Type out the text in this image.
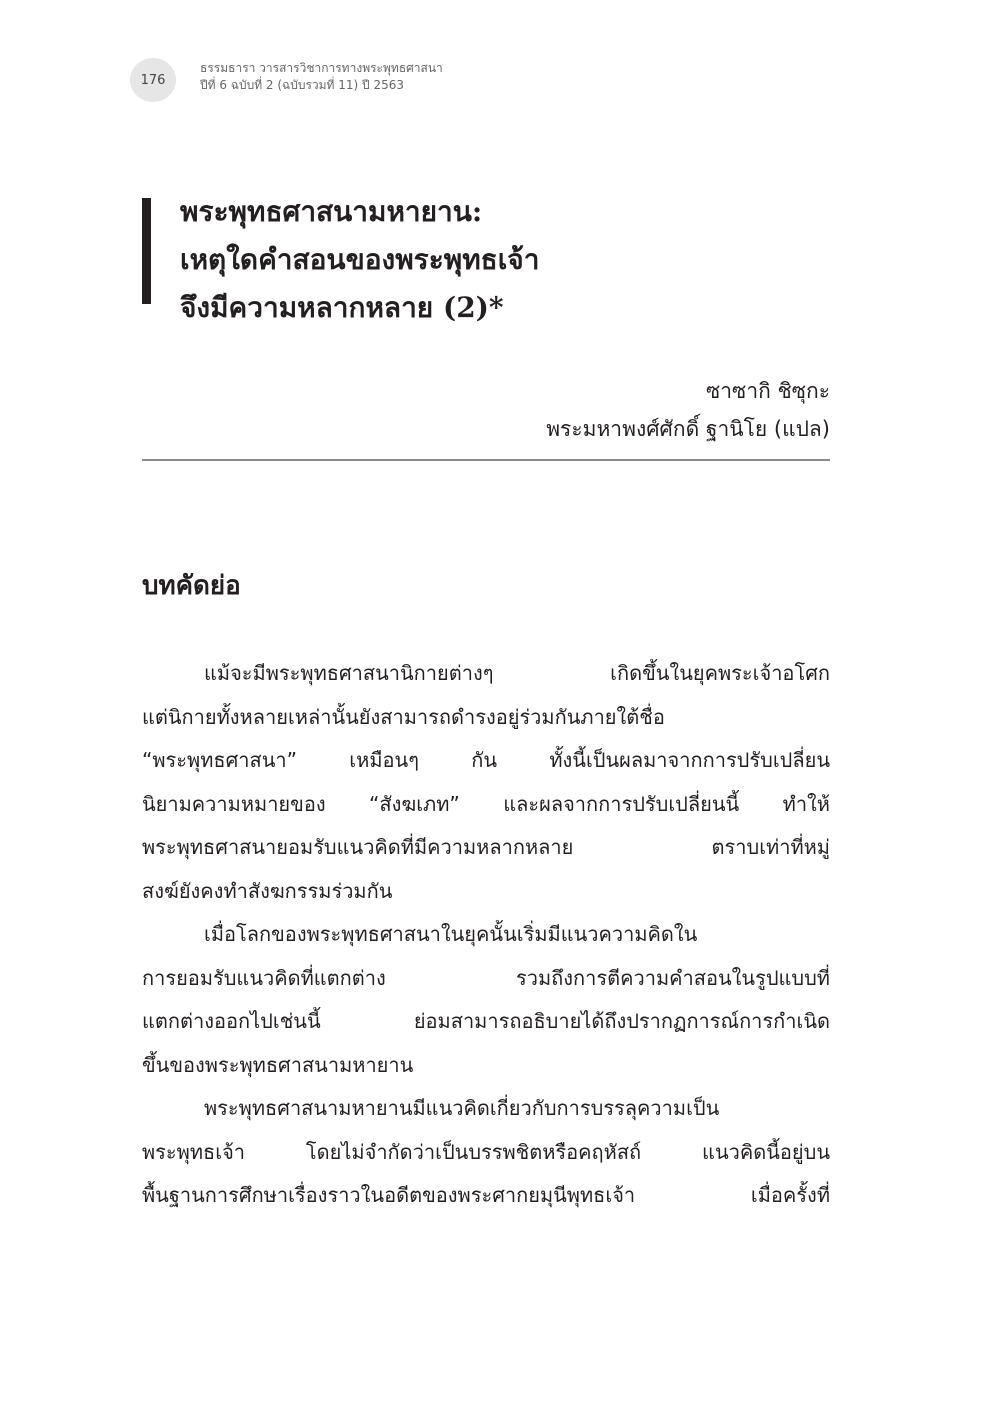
176
ธรรมธารา วารสารวิชาการทางพระพุทธศาสนา
ปีที่ 6 ฉบับที่ 2 (ฉบับรวมที่ 11) ปี 2563
พระพุทธศาสนามหายาน:
เหตุใดคำสอนของพระพุทธเจ้า
จึงมีความหลากหลาย (2)*
ซาซากิ ชิซุกะ
พระมหาพงศ์ศักดิ์ ฐานิโย (แปล)
บทคัดย่อ
แม้จะมีพระพุทธศาสนานิกายต่างๆ เกิดขึ้นในยุคพระเจ้าอโศก
แต่นิกายทั้งหลายเหล่านั้นยังสามารถดำรงอยู่ร่วมกันภายใต้ชื่อ
“พระพุทธศาสนา” เหมือนๆ กัน ทั้งนี้เป็นผลมาจากการปรับเปลี่ยน
นิยามความหมายของ “สังฆเภท” และผลจากการปรับเปลี่ยนนี้ ทำให้
พระพุทธศาสนายอมรับแนวคิดที่มีความหลากหลาย ตราบเท่าที่หมู่
สงฆ์ยังคงทำสังฆกรรมร่วมกัน
เมื่อโลกของพระพุทธศาสนาในยุคนั้นเริ่มมีแนวความคิดใน
การยอมรับแนวคิดที่แตกต่าง รวมถึงการตีความคำสอนในรูปแบบที่
แตกต่างออกไปเช่นนี้ ย่อมสามารถอธิบายได้ถึงปรากฏการณ์การกำเนิด
ขึ้นของพระพุทธศาสนามหายาน
พระพุทธศาสนามหายานมีแนวคิดเกี่ยวกับการบรรลุความเป็น
พระพุทธเจ้า โดยไม่จำกัดว่าเป็นบรรพชิตหรือคฤหัสถ์ แนวคิดนี้อยู่บน
พื้นฐานการศึกษาเรื่องราวในอดีตของพระศากยมุนีพุทธเจ้า เมื่อครั้งที่
